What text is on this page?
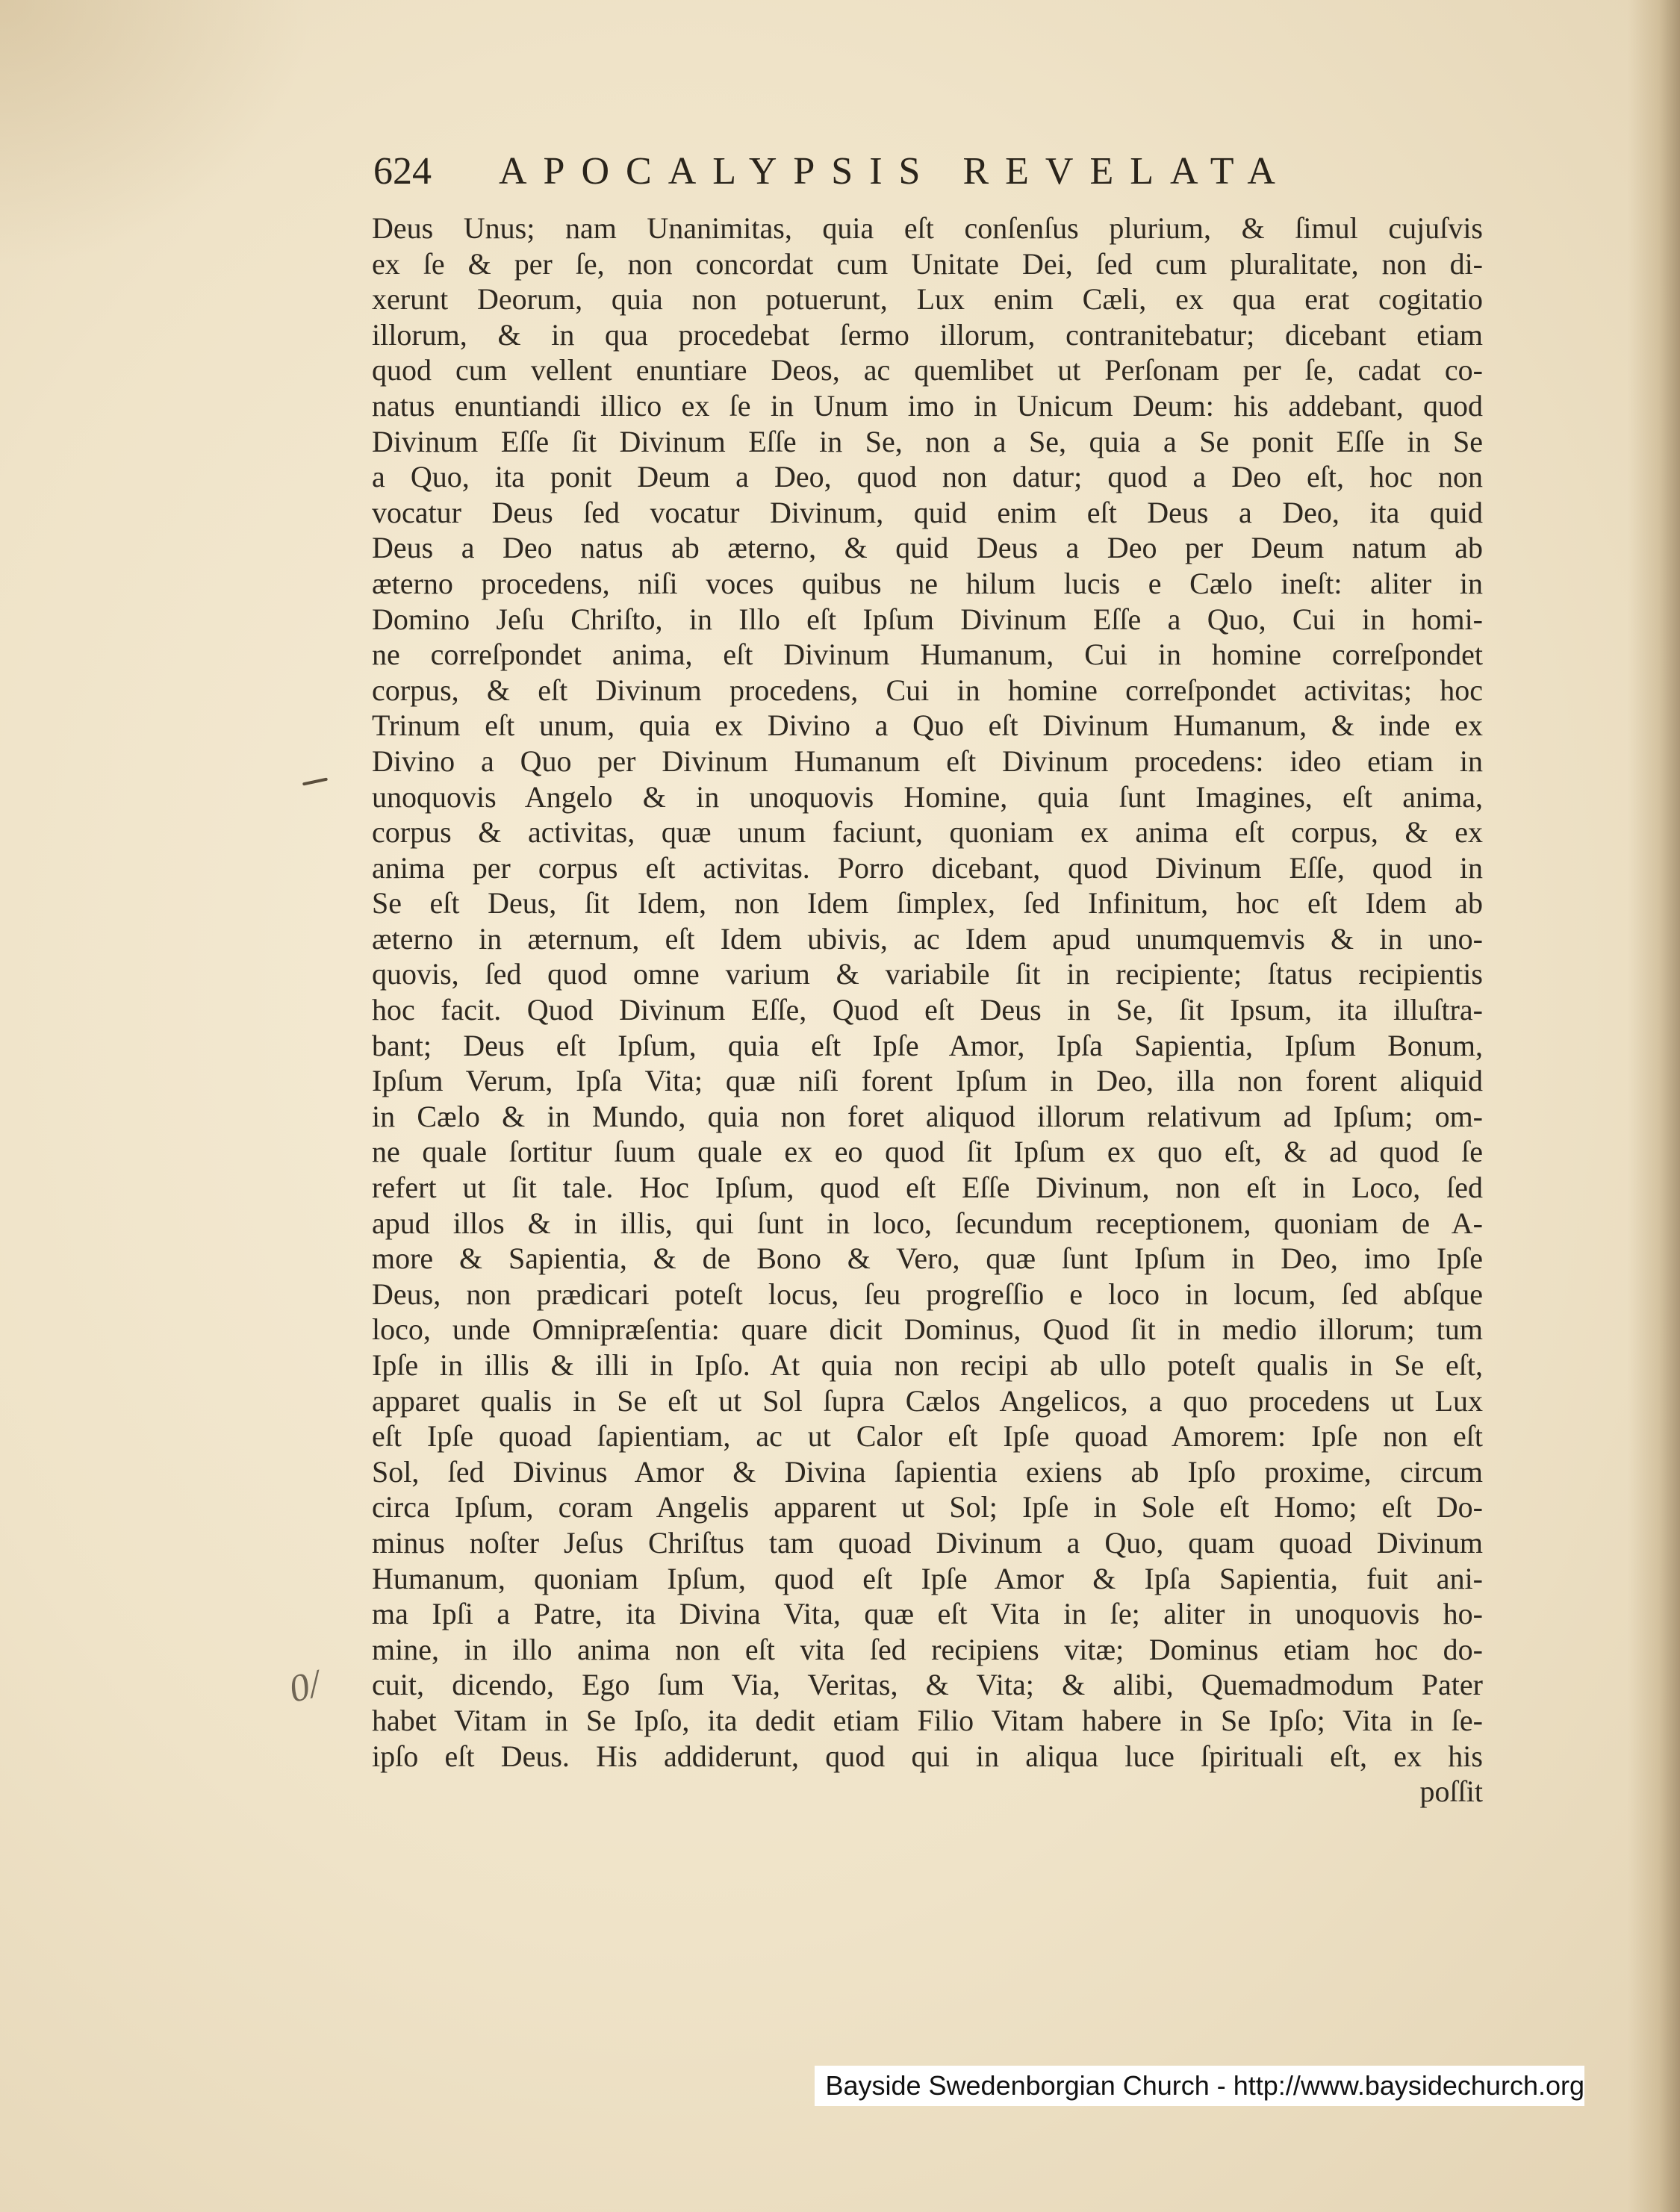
624 APOCALYPSIS REVELATA
0/
Deus Unus; nam Unanimitas, quia eſt conſenſus plurium, & ſimul cujuſvis
ex ſe & per ſe, non concordat cum Unitate Dei, ſed cum pluralitate, non di-
xerunt Deorum, quia non potuerunt, Lux enim Cæli, ex qua erat cogitatio
illorum, & in qua procedebat ſermo illorum, contranitebatur; dicebant etiam
quod cum vellent enuntiare Deos, ac quemlibet ut Perſonam per ſe, cadat co-
natus enuntiandi illico ex ſe in Unum imo in Unicum Deum: his addebant, quod
Divinum Eſſe ſit Divinum Eſſe in Se, non a Se, quia a Se ponit Eſſe in Se
a Quo, ita ponit Deum a Deo, quod non datur; quod a Deo eſt, hoc non
vocatur Deus ſed vocatur Divinum, quid enim eſt Deus a Deo, ita quid
Deus a Deo natus ab æterno, & quid Deus a Deo per Deum natum ab
æterno procedens, niſi voces quibus ne hilum lucis e Cælo ineſt: aliter in
Domino Jeſu Chriſto, in Illo eſt Ipſum Divinum Eſſe a Quo, Cui in homi-
ne correſpondet anima, eſt Divinum Humanum, Cui in homine correſpondet
corpus, & eſt Divinum procedens, Cui in homine correſpondet activitas; hoc
Trinum eſt unum, quia ex Divino a Quo eſt Divinum Humanum, & inde ex
Divino a Quo per Divinum Humanum eſt Divinum procedens: ideo etiam in
unoquovis Angelo & in unoquovis Homine, quia ſunt Imagines, eſt anima,
corpus & activitas, quæ unum faciunt, quoniam ex anima eſt corpus, & ex
anima per corpus eſt activitas. Porro dicebant, quod Divinum Eſſe, quod in
Se eſt Deus, ſit Idem, non Idem ſimplex, ſed Infinitum, hoc eſt Idem ab
æterno in æternum, eſt Idem ubivis, ac Idem apud unumquemvis & in uno-
quovis, ſed quod omne varium & variabile ſit in recipiente; ſtatus recipientis
hoc facit. Quod Divinum Eſſe, Quod eſt Deus in Se, ſit Ipsum, ita illuſtra-
bant; Deus eſt Ipſum, quia eſt Ipſe Amor, Ipſa Sapientia, Ipſum Bonum,
Ipſum Verum, Ipſa Vita; quæ niſi forent Ipſum in Deo, illa non forent aliquid
in Cælo & in Mundo, quia non foret aliquod illorum relativum ad Ipſum; om-
ne quale ſortitur ſuum quale ex eo quod ſit Ipſum ex quo eſt, & ad quod ſe
refert ut ſit tale. Hoc Ipſum, quod eſt Eſſe Divinum, non eſt in Loco, ſed
apud illos & in illis, qui ſunt in loco, ſecundum receptionem, quoniam de A-
more & Sapientia, & de Bono & Vero, quæ ſunt Ipſum in Deo, imo Ipſe
Deus, non prædicari poteſt locus, ſeu progreſſio e loco in locum, ſed abſque
loco, unde Omnipræſentia: quare dicit Dominus, Quod ſit in medio illorum; tum
Ipſe in illis & illi in Ipſo. At quia non recipi ab ullo poteſt qualis in Se eſt,
apparet qualis in Se eſt ut Sol ſupra Cælos Angelicos, a quo procedens ut Lux
eſt Ipſe quoad ſapientiam, ac ut Calor eſt Ipſe quoad Amorem: Ipſe non eſt
Sol, ſed Divinus Amor & Divina ſapientia exiens ab Ipſo proxime, circum
circa Ipſum, coram Angelis apparent ut Sol; Ipſe in Sole eſt Homo; eſt Do-
minus noſter Jeſus Chriſtus tam quoad Divinum a Quo, quam quoad Divinum
Humanum, quoniam Ipſum, quod eſt Ipſe Amor & Ipſa Sapientia, fuit ani-
ma Ipſi a Patre, ita Divina Vita, quæ eſt Vita in ſe; aliter in unoquovis ho-
mine, in illo anima non eſt vita ſed recipiens vitæ; Dominus etiam hoc do-
cuit, dicendo, Ego ſum Via, Veritas, & Vita; & alibi, Quemadmodum Pater
habet Vitam in Se Ipſo, ita dedit etiam Filio Vitam habere in Se Ipſo; Vita in ſe-
ipſo eſt Deus. His addiderunt, quod qui in aliqua luce ſpirituali eſt, ex his
poſſit
Bayside Swedenborgian Church - http://www.baysidechurch.org
